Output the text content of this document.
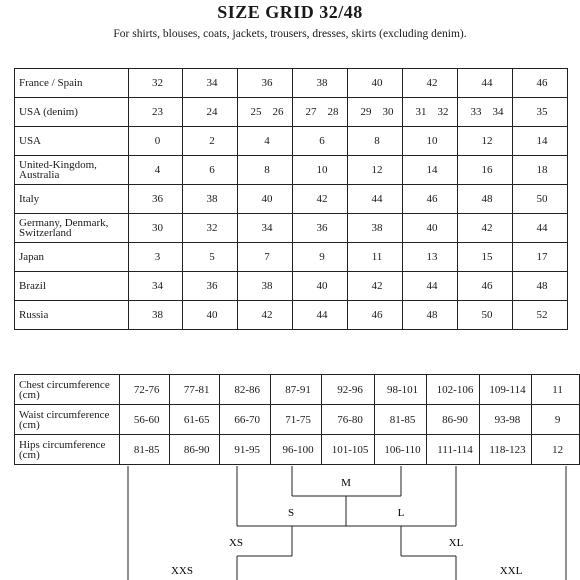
SIZE GRID 32/48
For shirts, blouses, coats, jackets, trousers, dresses, skirts (excluding denim).
France / Spain	32	34	36	38	40	42	44	46
USA (denim)	23	24	25 26	27 28	29 30	31 32	33 34	35
USA	0	2	4	6	8	10	12	14
United-Kingdom, Australia	4	6	8	10	12	14	16	18
Italy	36	38	40	42	44	46	48	50
Germany, Denmark, Switzerland	30	32	34	36	38	40	42	44
Japan	3	5	7	9	11	13	15	17
Brazil	34	36	38	40	42	44	46	48
Russia	38	40	42	44	46	48	50	52
Chest circumference (cm)	72-76	77-81	82-86	87-91	92-96	98-101	102-106	109-114	11
Waist circumference (cm)	56-60	61-65	66-70	71-75	76-80	81-85	86-90	93-98	9
Hips circumference (cm)	81-85	86-90	91-95	96-100	101-105	106-110	111-114	118-123	12
M
S	L
XS	XL
XXS	XXL
